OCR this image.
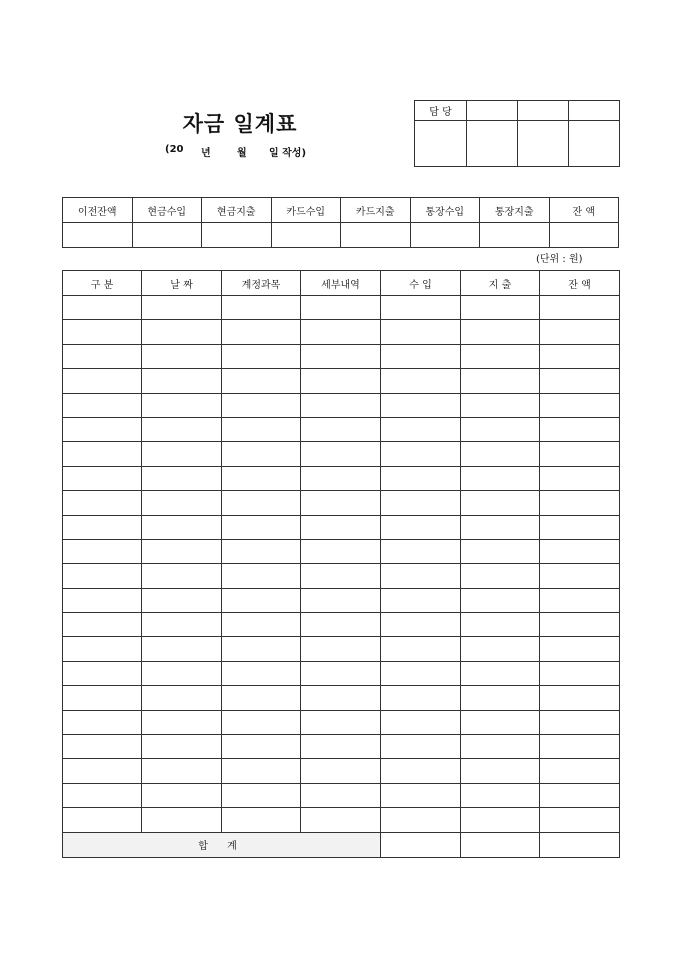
자금 일계표
(20 년	월 일 작성)
담 당			

이전잔액	현금수입	현금지출	카드수입	카드지출	통장수입	통장지출	잔 액

(단위 : 원)
구 분	날 짜	계정과목	세부내역	수 입	지 출	잔 액

합 계						
